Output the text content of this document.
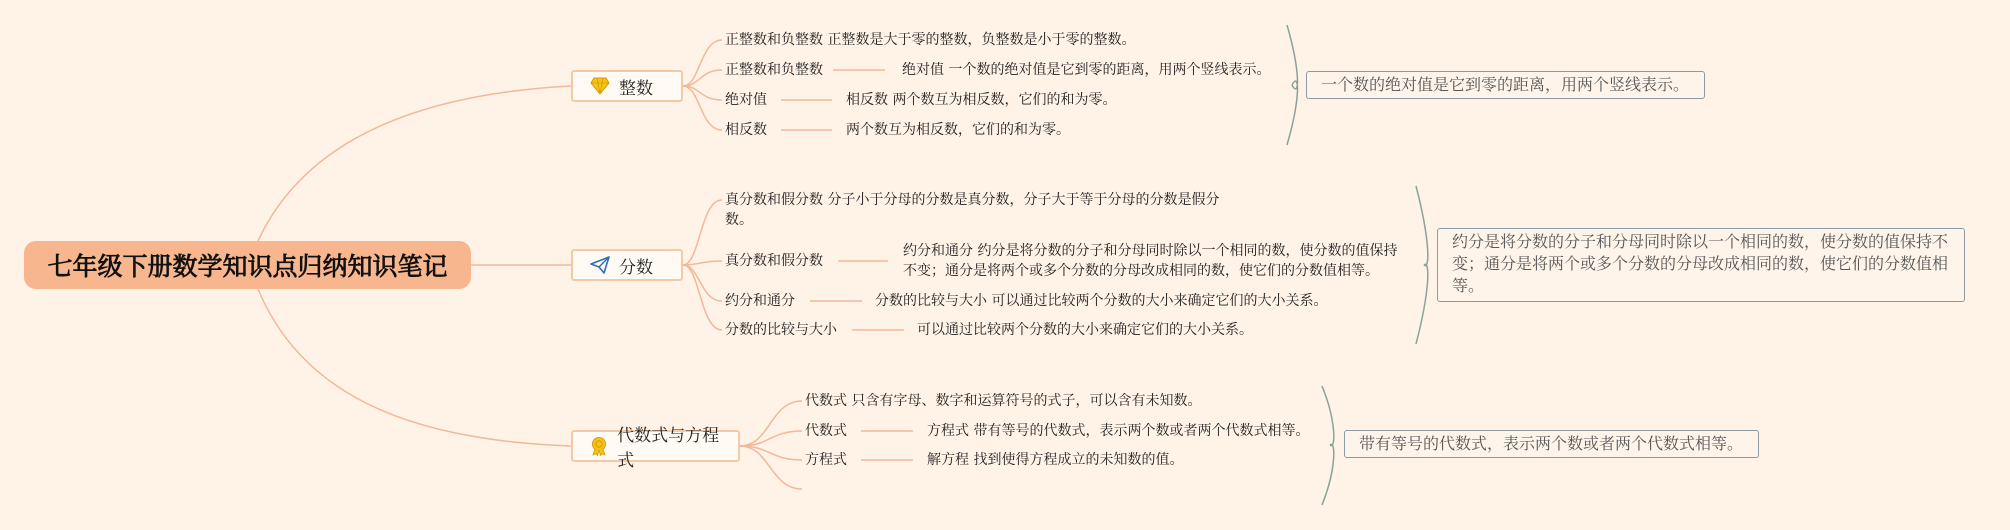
七年级下册数学知识点归纳知识笔记
整数
正整数和负整数 正整数是大于零的整数，负整数是小于零的整数。
正整数和负整数	绝对值 一个数的绝对值是它到零的距离，用两个竖线表示。
绝对值	相反数 两个数互为相反数，它们的和为零。
相反数	两个数互为相反数，它们的和为零。
一个数的绝对值是它到零的距离，用两个竖线表示。
分数
真分数和假分数 分子小于分母的分数是真分数，分子大于等于分母的分数是假分数。
真分数和假分数
约分和通分 约分是将分数的分子和分母同时除以一个相同的数，使分数的值保持不变；通分是将两个或多个分数的分母改成相同的数，使它们的分数值相等。
约分和通分	分数的比较与大小 可以通过比较两个分数的大小来确定它们的大小关系。
分数的比较与大小	可以通过比较两个分数的大小来确定它们的大小关系。
约分是将分数的分子和分母同时除以一个相同的数，使分数的值保持不变；通分是将两个或多个分数的分母改成相同的数，使它们的分数值相等。
代数式与方程式
代数式 只含有字母、数字和运算符号的式子，可以含有未知数。
代数式	方程式 带有等号的代数式，表示两个数或者两个代数式相等。
方程式	解方程 找到使得方程成立的未知数的值。
带有等号的代数式，表示两个数或者两个代数式相等。
